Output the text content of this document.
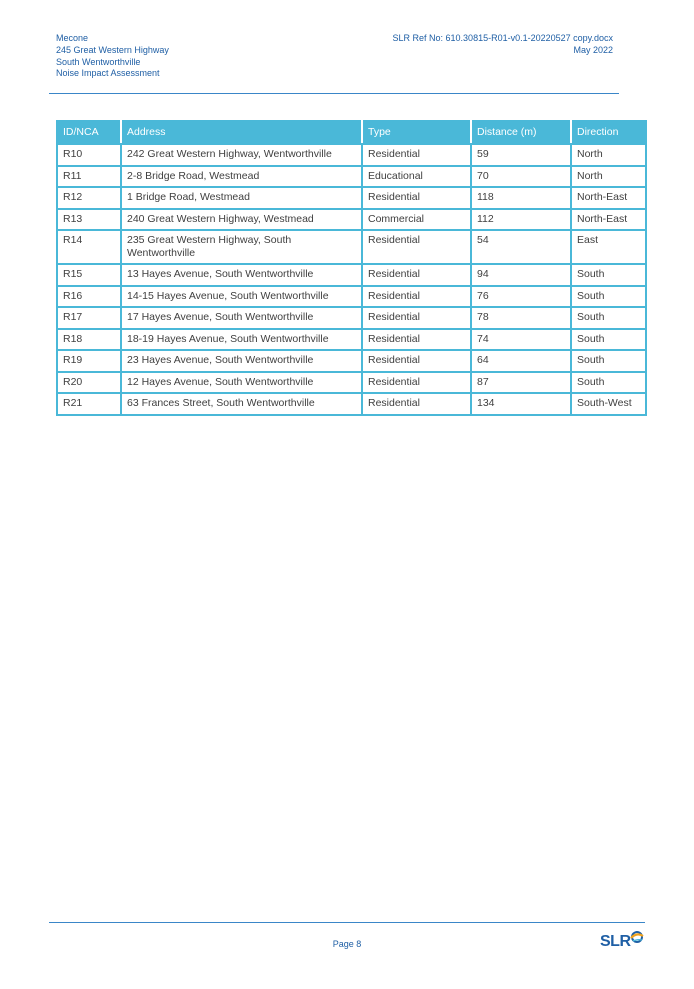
Mecone
245 Great Western Highway
South Wentworthville
Noise Impact Assessment
SLR Ref No: 610.30815-R01-v0.1-20220527 copy.docx
May 2022
ID/NCA	Address	Type	Distance (m)	Direction
R10	242 Great Western Highway, Wentworthville	Residential	59	North
R11	2-8 Bridge Road, Westmead	Educational	70	North
R12	1 Bridge Road, Westmead	Residential	118	North-East
R13	240 Great Western Highway, Westmead	Commercial	112	North-East
R14	235 Great Western Highway, South Wentworthville	Residential	54	East
R15	13 Hayes Avenue, South Wentworthville	Residential	94	South
R16	14-15 Hayes Avenue, South Wentworthville	Residential	76	South
R17	17 Hayes Avenue, South Wentworthville	Residential	78	South
R18	18-19 Hayes Avenue, South Wentworthville	Residential	74	South
R19	23 Hayes Avenue, South Wentworthville	Residential	64	South
R20	12 Hayes Avenue, South Wentworthville	Residential	87	South
R21	63 Frances Street, South Wentworthville	Residential	134	South-West
Page 8	SLR
